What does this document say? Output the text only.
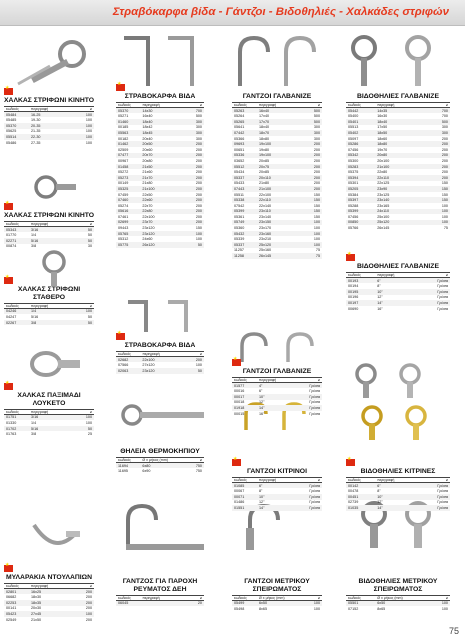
Στραβόκαρφα βίδα - Γάντζοι - Βιδοθηλιές - Χαλκάδες στριφών
★
ΧΑΛΚΑΣ ΣΤΡΙΦΩΝΙ ΚΙΝΗΤΟ
κωδικός	περιγραφή	⌀
05484	16-25	100
05485	19-30	100
05370	20-35	100
05625	21-35	100
05514	22-30	100
05486	27-35	100
★
ΧΑΛΚΑΣ ΣΤΡΙΦΩΝΙ ΚΙΝΗΤΟ
κωδικός	περιγραφή	⌀
05343	3/16	50
01770	1/4	50
02271	5/16	50
00874	3/8	30
★
ΧΑΛΚΑΣ ΣΤΡΙΦΩΝΙ ΣΤΑΘΕΡΟ
κωδικός	περιγραφή	⌀
04246	1/4	100
04247	5/16	50
02267	3/8	50
★
ΧΑΛΚΑΣ ΠΑΞΙΜΑΔΙ ΛΟΥΚΕΤΟ
κωδικός	περιγραφή	⌀
01751	3/16	100
01330	1/4	100
01702	5/16	50
01763	3/8	25
★
ΜΥΛΑΡΑΚΙΑ ΝΤΟΥΛΑΠΙΩΝ
κωδικός	περιγραφή	⌀
02801	16x25	200
06682	18x30	200
02253	18x35	200
00141	20x30	200
05423	27x45	100
02549	21x50	200
★
ΣΤΡΑΒΟΚΑΡΦΑ ΒΙΔΑ
κωδικός	περιγραφή	⌀
05370	14x30	700
05271	16x40	500
01460	18x40	300
00185	18x42	300
05563	18x45	300
00182	20x40	300
01462	20x50	200
02509	20x60	200
07477	20x70	200
00967	20x80	200
01458	21x50	200
05272	21x60	200
05273	21x70	200
00149	21x80	200
05325	21x100	200
07459	22x50	200
07460	22x60	200
05274	22x70	200
05616	22x80	200
07461	22x100	200
02699	23x70	200
09443	23x120	150
05765	23x120	100
05312	24x60	100
05775	26x120	50
★
ΣΤΡΑΒΟΚΑΡΦΑ ΒΙΔΑ
κωδικός	περιγραφή	⌀
02682	22x100	200
07566	27x120	100
02063	23x120	50
ΘΗΛΕΙΑ ΘΕΡΜΟΚΗΠΙΟΥ
κωδικός	Ø x μήκος (mm)	⌀
11694	6x80	750
11695	6x90	750
ΓΑΝΤΖΟΣ ΓΙΑ ΠΑΡΟΧΗ ΡΕΥΜΑΤΟΣ ΔΕΗ
κωδικός	περιγραφή	⌀
06045	20
ΓΑΝΤΖΟΙ ΓΑΛΒΑΝΙΖΕ
κωδικός	περιγραφή	⌀
05263	16x40	500
05264	17x40	500
05265	17x70	500
05641	18x40	300
07442	18x70	300
05366	18x80	300
09693	19x100	200
00651	19x80	200
05336	19x100	200
03652	20x85	200
05512	20x75	200
05434	20x85	200
05337	20x110	200
05433	21x80	200
07443	21x100	200
05511	22x100	150
05338	22x110	150
07542	22x140	150
05399	23x110	150
05361	23x140	150
05749	23x150	100
05360	23x170	100
05432	23x160	100
05339	23x210	100
05337	25x120	100
11257	25x160	75
11258	26x145	75
★
ΓΑΝΤΖΟΙ ΓΑΛΒΑΝΙΖΕ
κωδικός	περιγραφή	⌀
01577	4"	Γρόσα
00016	6"	Γρόσα
00017	10"	Γρόσα
00018	12"	Γρόσα
01918	14"	Γρόσα
00015	16"	Γρόσα
★
ΓΑΝΤΖΟΙ ΚΙΤΡΙΝΟΙ
κωδικός	περιγραφή	⌀
01085	6"	Γρόσα
00067	8"	Γρόσα
00071	10"	Γρόσα
01486	12"	Γρόσα
01551	14"	Γρόσα
ΓΑΝΤΖΟΙ ΜΕΤΡΙΚΟΥ ΣΠΕΙΡΩΜΑΤΟΣ
κωδικός	Ø x μήκος (mm)	⌀
05499	6x50	100
05498	8x65	100
ΒΙΔΟΘΗΛΙΕΣ ΓΑΛΒΑΝΙΖΕ
κωδικός	περιγραφή	⌀
05442	14x35	700
05400	16x30	700
05401	18x40	500
05513	17x50	300
05402	18x50	300
05097	18x60	200
05286	18x80	200
07456	19x70	200
05342	20x80	200
05300	20x100	200
05283	21x100	200
05375	22x80	200
05394	22x110	200
05301	22x125	150
05205	23x90	150
05384	23x125	150
05397	23x140	150
05288	23x165	100
05399	24x110	100
07456	25x100	100
00850	25x120	100
05766	26x145	75
★
ΒΙΔΟΘΗΛΙΕΣ ΓΑΛΒΑΝΙΖΕ
κωδικός	περιγραφή	⌀
00193	6"	Γρόσα
00194	8"	Γρόσα
00195	10"	Γρόσα
00196	12"	Γρόσα
00197	14"	Γρόσα
00690	16"	Γρόσα
★
ΒΙΔΟΘΗΛΙΕΣ ΚΙΤΡΙΝΕΣ
κωδικός	περιγραφή	⌀
00142	6"	Γρόσα
00478	8"	Γρόσα
00451	10"	Γρόσα
02739	12"	Γρόσα
01035	14"	Γρόσα
ΒΙΔΟΘΗΛΙΕΣ ΜΕΤΡΙΚΟΥ ΣΠΕΙΡΩΜΑΤΟΣ
κωδικός	Ø x μήκος (mm)	⌀
05501	6x50	100
07152	8x65	100
75
